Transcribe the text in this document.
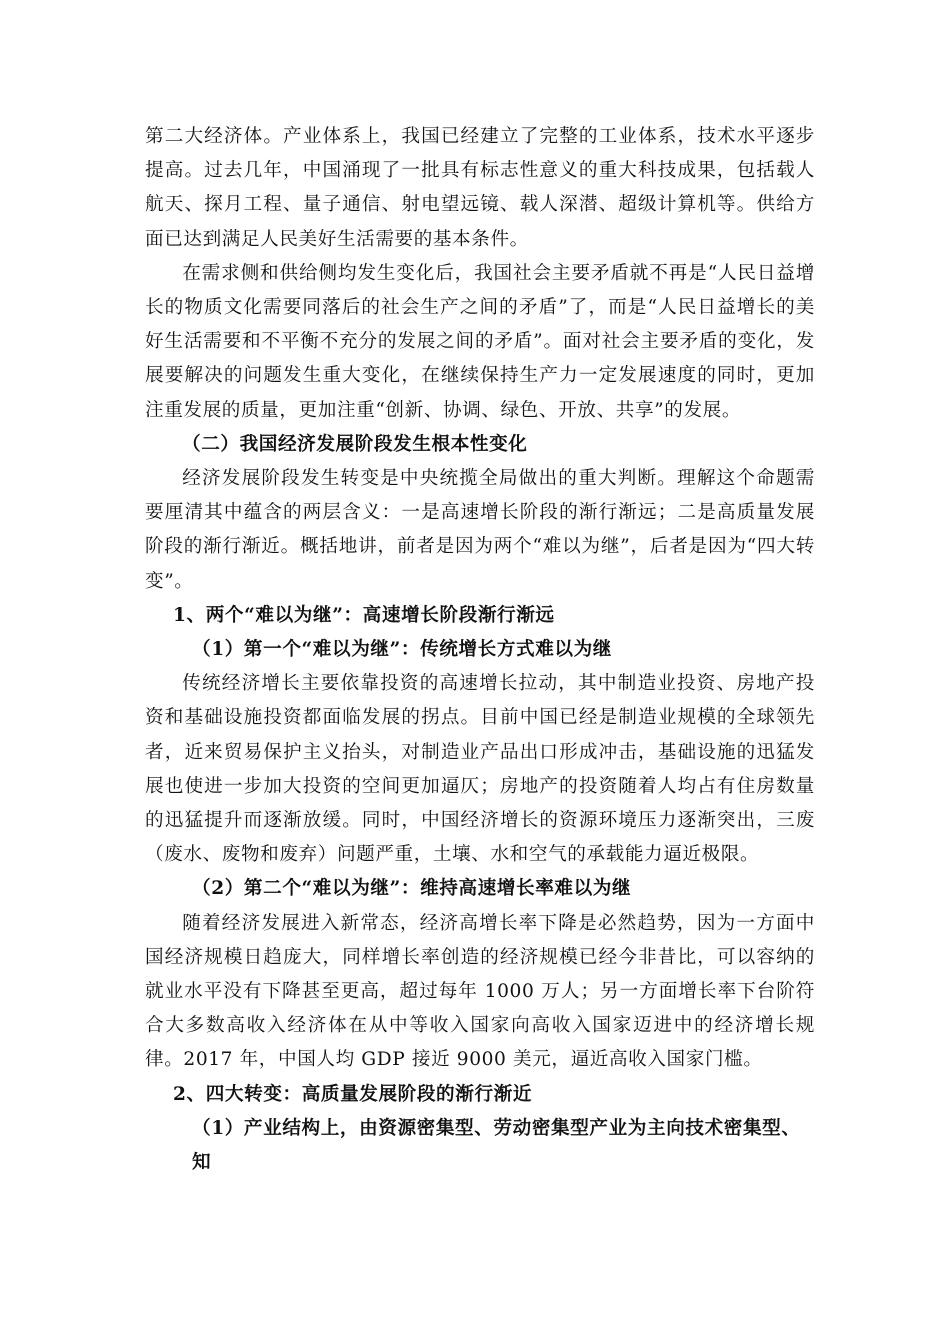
第二大经济体。产业体系上，我国已经建立了完整的工业体系，技术水平逐步提高。过去几年，中国涌现了一批具有标志性意义的重大科技成果，包括载人航天、探月工程、量子通信、射电望远镜、载人深潜、超级计算机等。供给方面已达到满足人民美好生活需要的基本条件。

在需求侧和供给侧均发生变化后，我国社会主要矛盾就不再是“人民日益增长的物质文化需要同落后的社会生产之间的矛盾”了，而是“人民日益增长的美好生活需要和不平衡不充分的发展之间的矛盾”。面对社会主要矛盾的变化，发展要解决的问题发生重大变化，在继续保持生产力一定发展速度的同时，更加注重发展的质量，更加注重“创新、协调、绿色、开放、共享”的发展。

（二）我国经济发展阶段发生根本性变化

经济发展阶段发生转变是中央统揽全局做出的重大判断。理解这个命题需要厘清其中蕴含的两层含义：一是高速增长阶段的渐行渐远；二是高质量发展阶段的渐行渐近。概括地讲，前者是因为两个“难以为继”，后者是因为“四大转变”。

1、两个“难以为继”：高速增长阶段渐行渐远

（1）第一个“难以为继”：传统增长方式难以为继

传统经济增长主要依靠投资的高速增长拉动，其中制造业投资、房地产投资和基础设施投资都面临发展的拐点。目前中国已经是制造业规模的全球领先者，近来贸易保护主义抬头，对制造业产品出口形成冲击，基础设施的迅猛发展也使进一步加大投资的空间更加逼仄；房地产的投资随着人均占有住房数量的迅猛提升而逐渐放缓。同时，中国经济增长的资源环境压力逐渐突出，三废（废水、废物和废弃）问题严重，土壤、水和空气的承载能力逼近极限。

（2）第二个“难以为继”：维持高速增长率难以为继

随着经济发展进入新常态，经济高增长率下降是必然趋势，因为一方面中国经济规模日趋庞大，同样增长率创造的经济规模已经今非昔比，可以容纳的就业水平没有下降甚至更高，超过每年 1000 万人；另一方面增长率下台阶符合大多数高收入经济体在从中等收入国家向高收入国家迈进中的经济增长规律。2017 年，中国人均 GDP 接近 9000 美元，逼近高收入国家门槛。

2、四大转变：高质量发展阶段的渐行渐近

（1）产业结构上，由资源密集型、劳动密集型产业为主向技术密集型、知
